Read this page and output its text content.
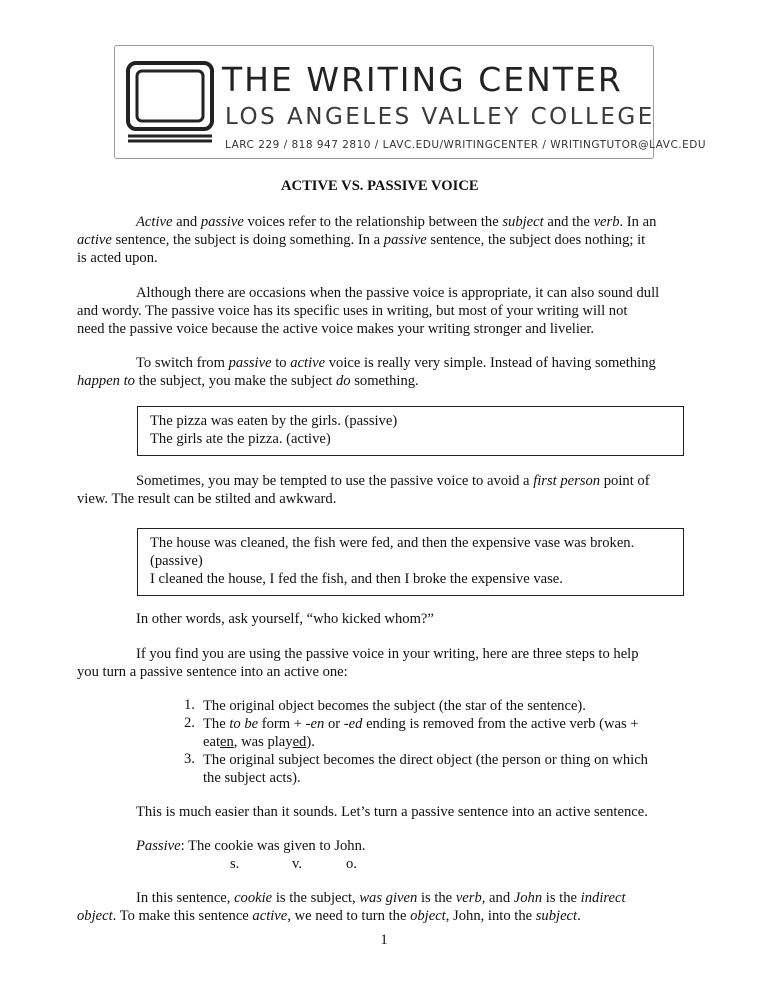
THE WRITING CENTER
LOS ANGELES VALLEY COLLEGE
LARC 229 / 818 947 2810 / LAVC.EDU/WRITINGCENTER / WRITINGTUTOR@LAVC.EDU
ACTIVE VS. PASSIVE VOICE
Active and passive voices refer to the relationship between the subject and the verb. In an
active sentence, the subject is doing something. In a passive sentence, the subject does nothing; it
is acted upon.
Although there are occasions when the passive voice is appropriate, it can also sound dull
and wordy. The passive voice has its specific uses in writing, but most of your writing will not
need the passive voice because the active voice makes your writing stronger and livelier.
To switch from passive to active voice is really very simple. Instead of having something
happen to the subject, you make the subject do something.
The pizza was eaten by the girls. (passive)
The girls ate the pizza. (active)
Sometimes, you may be tempted to use the passive voice to avoid a first person point of
view. The result can be stilted and awkward.
The house was cleaned, the fish were fed, and then the expensive vase was broken.
(passive)
I cleaned the house, I fed the fish, and then I broke the expensive vase.
In other words, ask yourself, “who kicked whom?”
If you find you are using the passive voice in your writing, here are three steps to help
you turn a passive sentence into an active one:
1. The original object becomes the subject (the star of the sentence).
2. The to be form + -en or -ed ending is removed from the active verb (was +
eaten, was played).
3. The original subject becomes the direct object (the person or thing on which
the subject acts).
This is much easier than it sounds. Let’s turn a passive sentence into an active sentence.
Passive: The cookie was given to John.
s.	v.	o.
In this sentence, cookie is the subject, was given is the verb, and John is the indirect
object. To make this sentence active, we need to turn the object, John, into the subject.
1
